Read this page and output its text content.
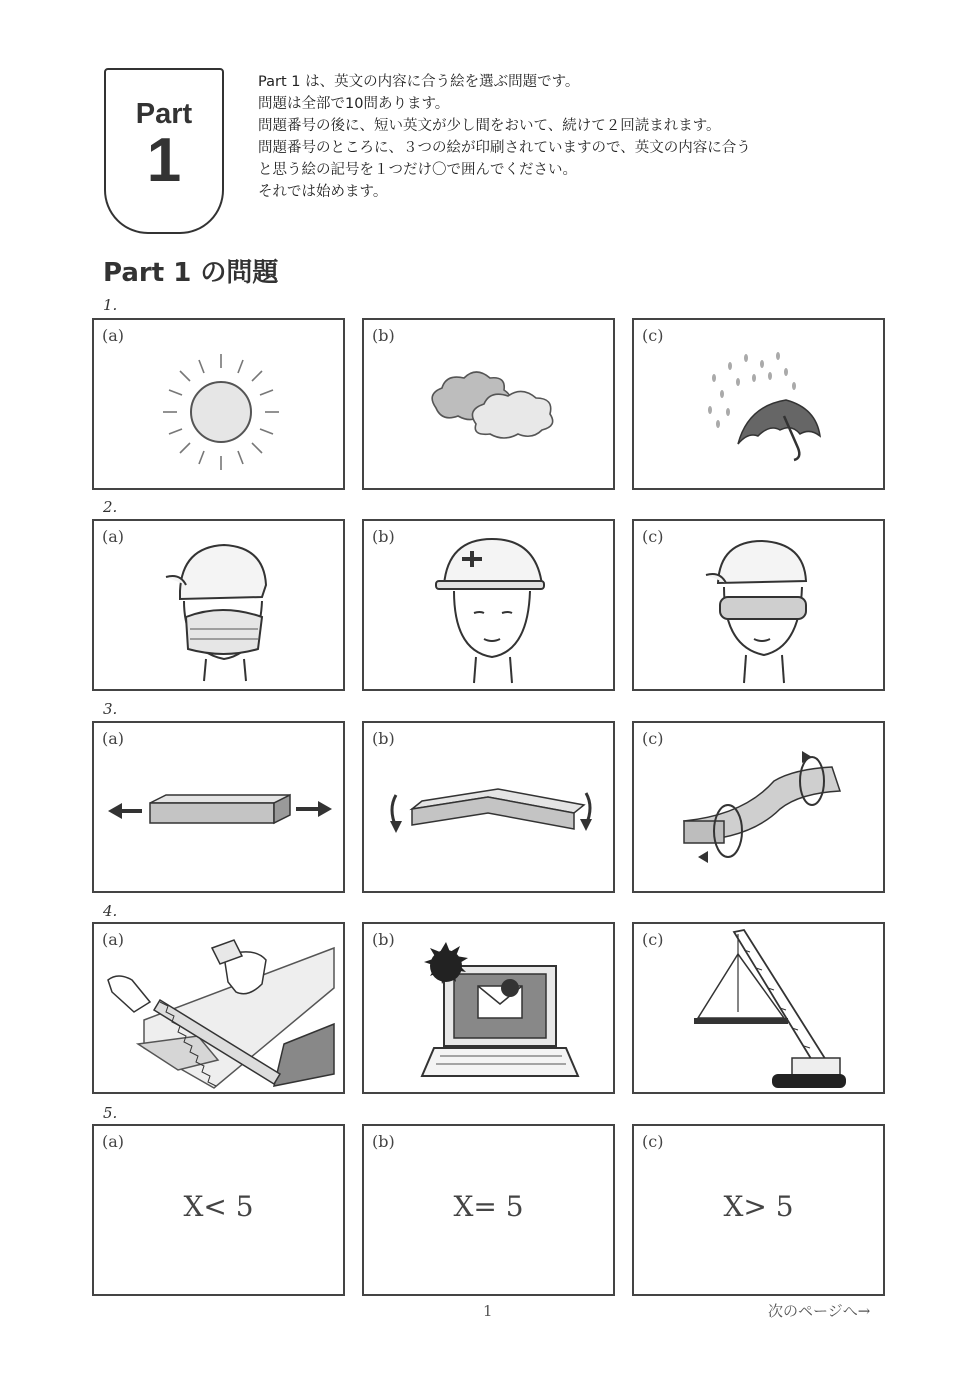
Part
1
Part 1 は、英文の内容に合う絵を選ぶ問題です。
問題は全部で10問あります。
問題番号の後に、短い英文が少し間をおいて、続けて２回読まれます。
問題番号のところに、３つの絵が印刷されていますので、英文の内容に合う
と思う絵の記号を１つだけ〇で囲んでください。
それでは始めます。
Part 1 の問題
1.
(a)	(b)	(c)
2.
(a)	(b)	(c)
3.
(a)	(b)	(c)
4.
(a)	(b)	(c)
5.
(a)
X< 5
(b)
X= 5
(c)
X> 5
1	次のページへ→
